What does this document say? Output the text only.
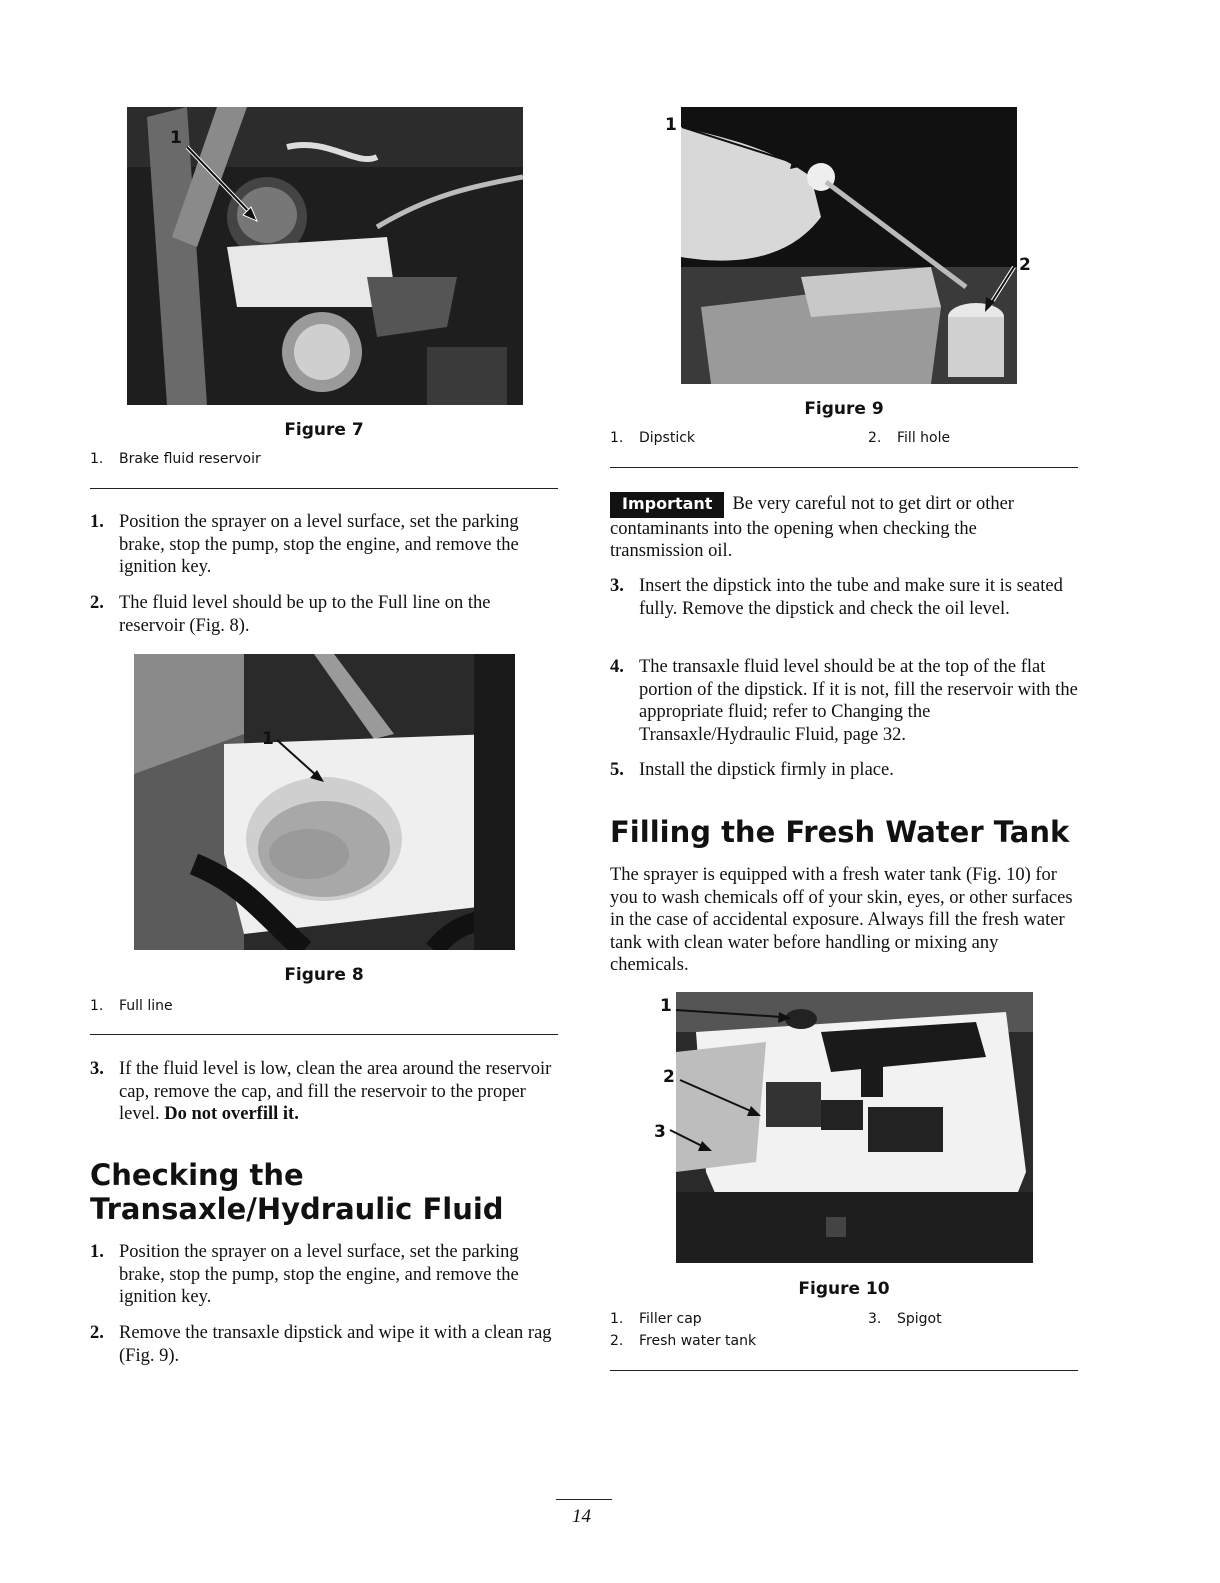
1
Figure 7
1. Brake fluid reservoir
1. Position the sprayer on a level surface, set the parking brake, stop the pump, stop the engine, and remove the ignition key.
2. The fluid level should be up to the Full line on the reservoir (Fig. 8).
1
Figure 8
1. Full line
3. If the fluid level is low, clean the area around the reservoir cap, remove the cap, and fill the reservoir to the proper level. Do not overfill it.
Checking the
Transaxle/Hydraulic Fluid
1. Position the sprayer on a level surface, set the parking brake, stop the pump, stop the engine, and remove the ignition key.
2. Remove the transaxle dipstick and wipe it with a clean rag (Fig. 9).
1
2
Figure 9
1. Dipstick	2. Fill hole
Important Be very careful not to get dirt or other contaminants into the opening when checking the transmission oil.
3. Insert the dipstick into the tube and make sure it is seated fully. Remove the dipstick and check the oil level.
4. The transaxle fluid level should be at the top of the flat portion of the dipstick. If it is not, fill the reservoir with the appropriate fluid; refer to Changing the Transaxle/Hydraulic Fluid, page 32.
5. Install the dipstick firmly in place.
Filling the Fresh Water Tank
The sprayer is equipped with a fresh water tank (Fig. 10) for you to wash chemicals off of your skin, eyes, or other surfaces in the case of accidental exposure. Always fill the fresh water tank with clean water before handling or mixing any chemicals.
1
2
3
Figure 10
1. Filler cap
2. Fresh water tank
3. Spigot
14
